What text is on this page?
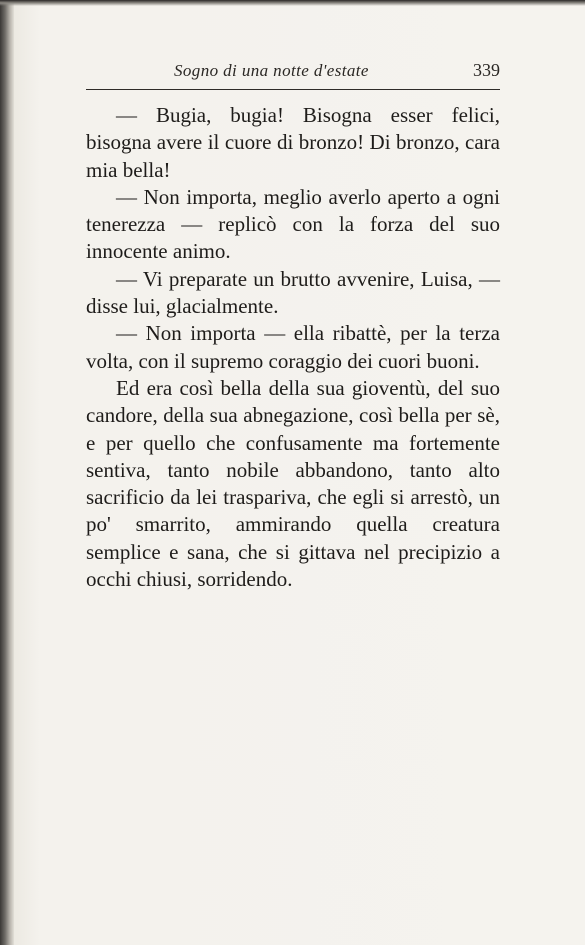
Sogno di una notte d'estate	339

— Bugia, bugia! Bisogna esser felici, bisogna avere il cuore di bronzo! Di bronzo, cara mia bella!

— Non importa, meglio averlo aperto a ogni tenerezza — replicò con la forza del suo innocente animo.

— Vi preparate un brutto avvenire, Luisa, — disse lui, glacialmente.

— Non importa — ella ribattè, per la terza volta, con il supremo coraggio dei cuori buoni.

Ed era così bella della sua gioventù, del suo candore, della sua abnegazione, così bella per sè, e per quello che confusamente ma fortemente sentiva, tanto nobile abbandono, tanto alto sacrificio da lei traspariva, che egli si arrestò, un po' smarrito, ammirando quella creatura semplice e sana, che si gittava nel precipizio a occhi chiusi, sorridendo.
